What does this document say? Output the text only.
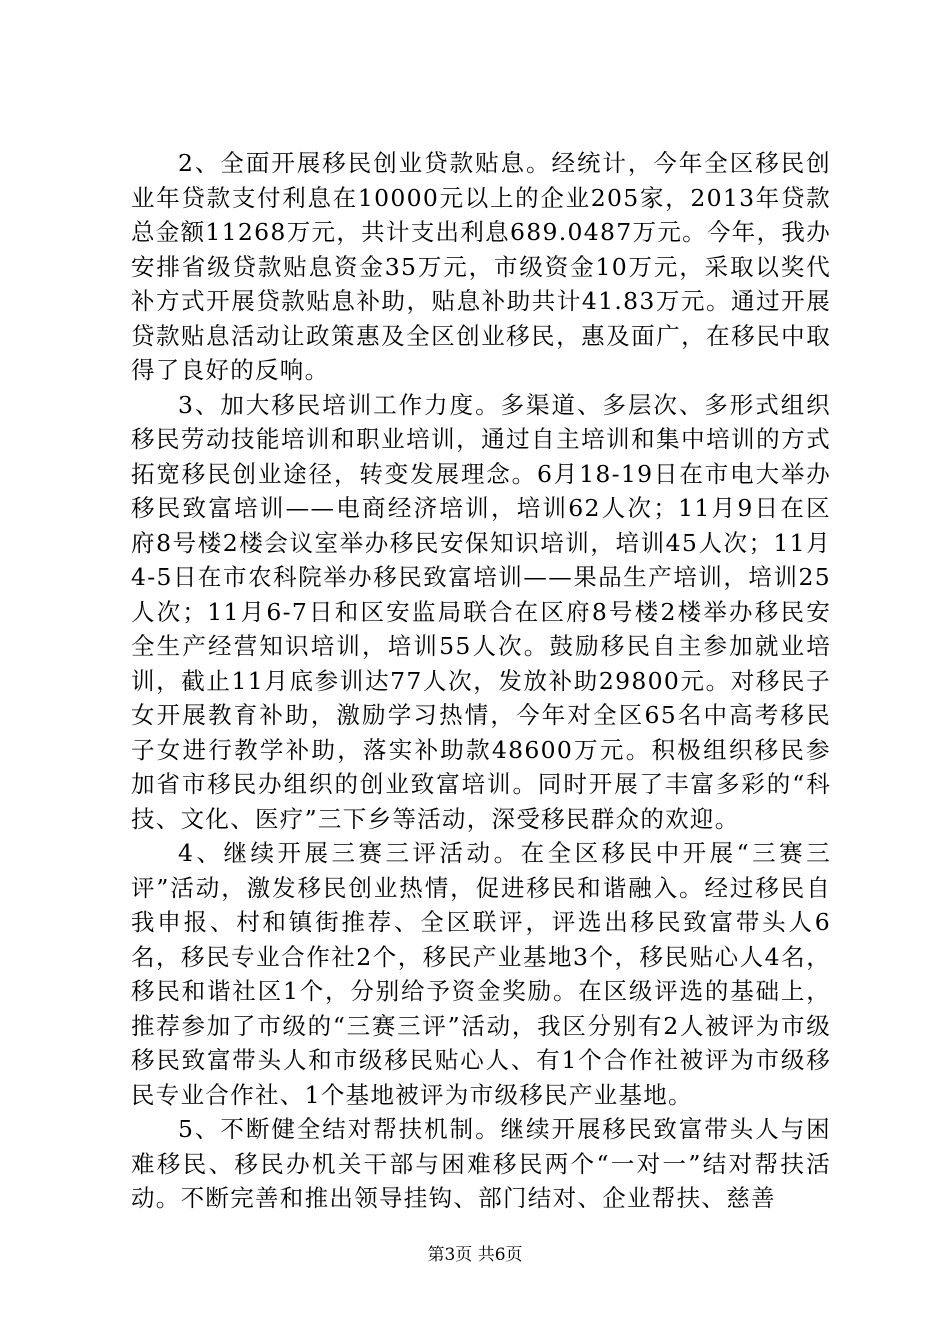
2、全面开展移民创业贷款贴息。经统计，今年全区移民创业年贷款支付利息在10000元以上的企业205家，2013年贷款总金额11268万元，共计支出利息689.0487万元。今年，我办安排省级贷款贴息资金35万元，市级资金10万元，采取以奖代补方式开展贷款贴息补助，贴息补助共计41.83万元。通过开展贷款贴息活动让政策惠及全区创业移民，惠及面广，在移民中取得了良好的反响。

3、加大移民培训工作力度。多渠道、多层次、多形式组织移民劳动技能培训和职业培训，通过自主培训和集中培训的方式拓宽移民创业途径，转变发展理念。6月18-19日在市电大举办移民致富培训——电商经济培训，培训62人次；11月9日在区府8号楼2楼会议室举办移民安保知识培训，培训45人次；11月4-5日在市农科院举办移民致富培训——果品生产培训，培训25人次；11月6-7日和区安监局联合在区府8号楼2楼举办移民安全生产经营知识培训，培训55人次。鼓励移民自主参加就业培训，截止11月底参训达77人次，发放补助29800元。对移民子女开展教育补助，激励学习热情，今年对全区65名中高考移民子女进行教学补助，落实补助款48600万元。积极组织移民参加省市移民办组织的创业致富培训。同时开展了丰富多彩的“科技、文化、医疗”三下乡等活动，深受移民群众的欢迎。

4、继续开展三赛三评活动。在全区移民中开展“三赛三评”活动，激发移民创业热情，促进移民和谐融入。经过移民自我申报、村和镇街推荐、全区联评，评选出移民致富带头人6名，移民专业合作社2个，移民产业基地3个，移民贴心人4名，移民和谐社区1个，分别给予资金奖励。在区级评选的基础上，推荐参加了市级的“三赛三评”活动，我区分别有2人被评为市级移民致富带头人和市级移民贴心人、有1个合作社被评为市级移民专业合作社、1个基地被评为市级移民产业基地。

5、不断健全结对帮扶机制。继续开展移民致富带头人与困难移民、移民办机关干部与困难移民两个“一对一”结对帮扶活动。不断完善和推出领导挂钩、部门结对、企业帮扶、慈善

第3页 共6页
